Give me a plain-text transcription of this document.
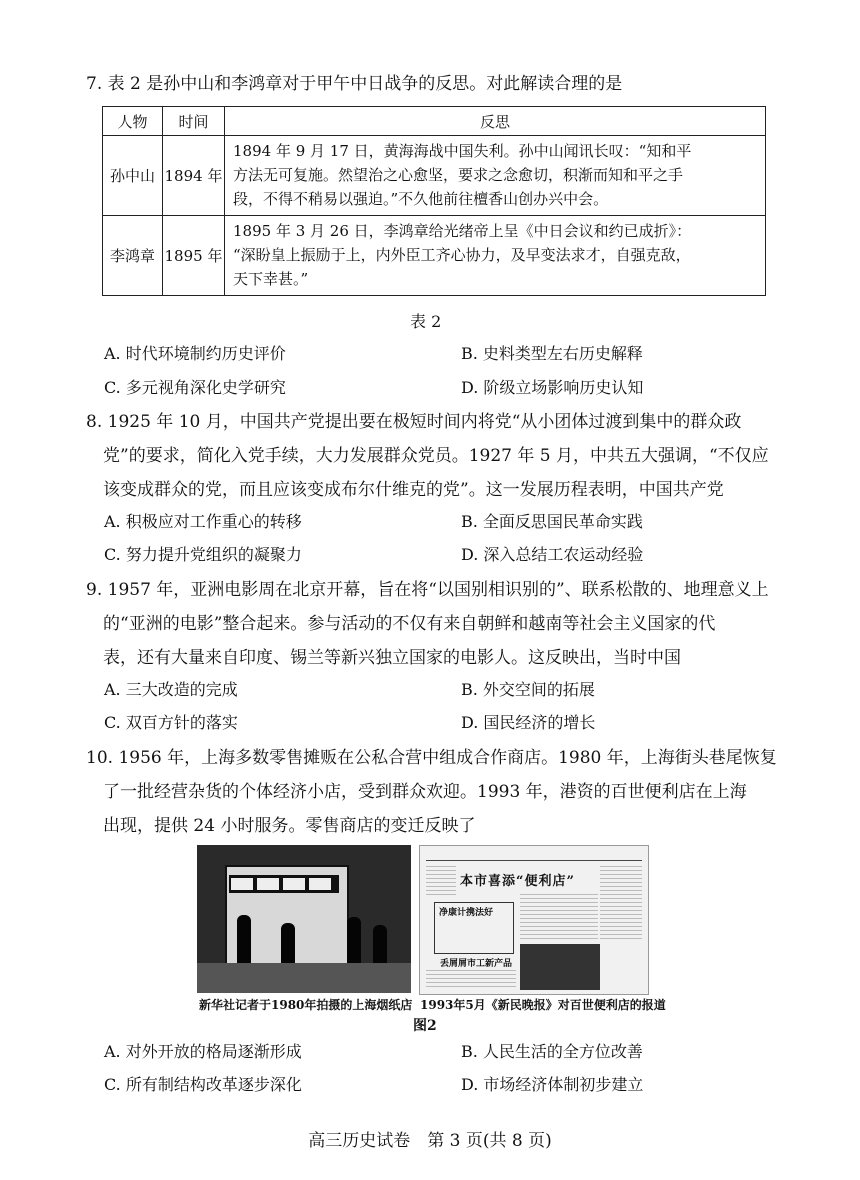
7. 表 2 是孙中山和李鸿章对于甲午中日战争的反思。对此解读合理的是
人物	时间	反思
孙中山	1894 年	1894 年 9 月 17 日，黄海海战中国失利。孙中山闻讯长叹：“知和平
方法无可复施。然望治之心愈坚，要求之念愈切，积渐而知和平之手
段，不得不稍易以强迫。”不久他前往檀香山创办兴中会。

李鸿章	1895 年	1895 年 3 月 26 日，李鸿章给光绪帝上呈《中日会议和约已成折》：
“深盼皇上振励于上，内外臣工齐心协力，及早变法求才，自强克敌，
天下幸甚。”
表 2
A. 时代环境制约历史评价	B. 史料类型左右历史解释
C. 多元视角深化史学研究	D. 阶级立场影响历史认知
8. 1925 年 10 月，中国共产党提出要在极短时间内将党“从小团体过渡到集中的群众政
党”的要求，简化入党手续，大力发展群众党员。1927 年 5 月，中共五大强调，“不仅应
该变成群众的党，而且应该变成布尔什维克的党”。这一发展历程表明，中国共产党
A. 积极应对工作重心的转移	B. 全面反思国民革命实践
C. 努力提升党组织的凝聚力	D. 深入总结工农运动经验
9. 1957 年，亚洲电影周在北京开幕，旨在将“以国别相识别的”、联系松散的、地理意义上
的“亚洲的电影”整合起来。参与活动的不仅有来自朝鲜和越南等社会主义国家的代
表，还有大量来自印度、锡兰等新兴独立国家的电影人。这反映出，当时中国
A. 三大改造的完成	B. 外交空间的拓展
C. 双百方针的落实	D. 国民经济的增长
10. 1956 年，上海多数零售摊贩在公私合营中组成合作商店。1980 年，上海街头巷尾恢复
了一批经营杂货的个体经济小店，受到群众欢迎。1993 年，港资的百世便利店在上海
出现，提供 24 小时服务。零售商店的变迁反映了
本市喜添“便利店”
净康计携法好
丢屑屑市工新产品
新华社记者于1980年拍摄的上海烟纸店 1993年5月《新民晚报》对百世便利店的报道
图2
A. 对外开放的格局逐渐形成	B. 人民生活的全方位改善
C. 所有制结构改革逐步深化	D. 市场经济体制初步建立
高三历史试卷　第 3 页(共 8 页)
